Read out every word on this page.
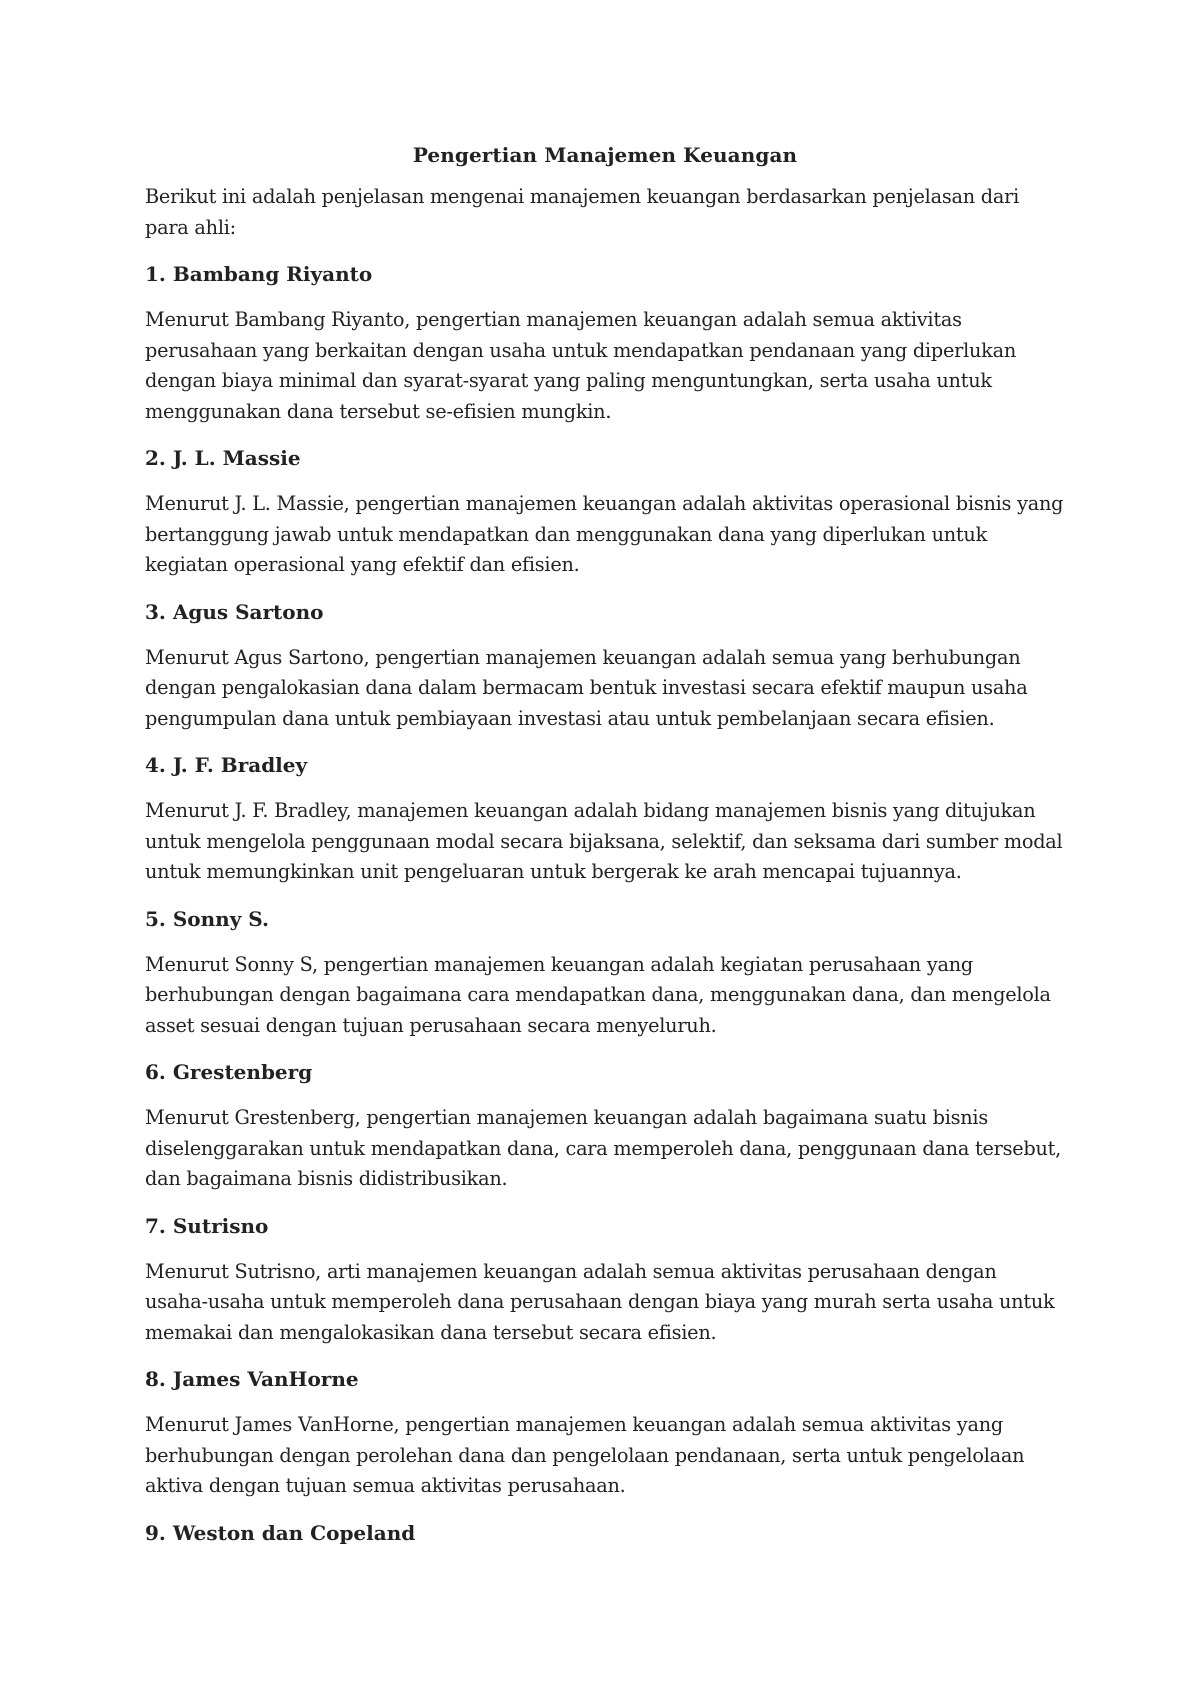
Pengertian Manajemen Keuangan

Berikut ini adalah penjelasan mengenai manajemen keuangan berdasarkan penjelasan dari para ahli:

1. Bambang Riyanto

Menurut Bambang Riyanto, pengertian manajemen keuangan adalah semua aktivitas perusahaan yang berkaitan dengan usaha untuk mendapatkan pendanaan yang diperlukan dengan biaya minimal dan syarat-syarat yang paling menguntungkan, serta usaha untuk menggunakan dana tersebut se-efisien mungkin.

2. J. L. Massie

Menurut J. L. Massie, pengertian manajemen keuangan adalah aktivitas operasional bisnis yang bertanggung jawab untuk mendapatkan dan menggunakan dana yang diperlukan untuk kegiatan operasional yang efektif dan efisien.

3. Agus Sartono

Menurut Agus Sartono, pengertian manajemen keuangan adalah semua yang berhubungan dengan pengalokasian dana dalam bermacam bentuk investasi secara efektif maupun usaha pengumpulan dana untuk pembiayaan investasi atau untuk pembelanjaan secara efisien.

4. J. F. Bradley

Menurut J. F. Bradley, manajemen keuangan adalah bidang manajemen bisnis yang ditujukan untuk mengelola penggunaan modal secara bijaksana, selektif, dan seksama dari sumber modal untuk memungkinkan unit pengeluaran untuk bergerak ke arah mencapai tujuannya.

5. Sonny S.

Menurut Sonny S, pengertian manajemen keuangan adalah kegiatan perusahaan yang berhubungan dengan bagaimana cara mendapatkan dana, menggunakan dana, dan mengelola asset sesuai dengan tujuan perusahaan secara menyeluruh.

6. Grestenberg

Menurut Grestenberg, pengertian manajemen keuangan adalah bagaimana suatu bisnis diselenggarakan untuk mendapatkan dana, cara memperoleh dana, penggunaan dana tersebut, dan bagaimana bisnis didistribusikan.

7. Sutrisno

Menurut Sutrisno, arti manajemen keuangan adalah semua aktivitas perusahaan dengan usaha-usaha untuk memperoleh dana perusahaan dengan biaya yang murah serta usaha untuk memakai dan mengalokasikan dana tersebut secara efisien.

8. James VanHorne

Menurut James VanHorne, pengertian manajemen keuangan adalah semua aktivitas yang berhubungan dengan perolehan dana dan pengelolaan pendanaan, serta untuk pengelolaan aktiva dengan tujuan semua aktivitas perusahaan.

9. Weston dan Copeland
